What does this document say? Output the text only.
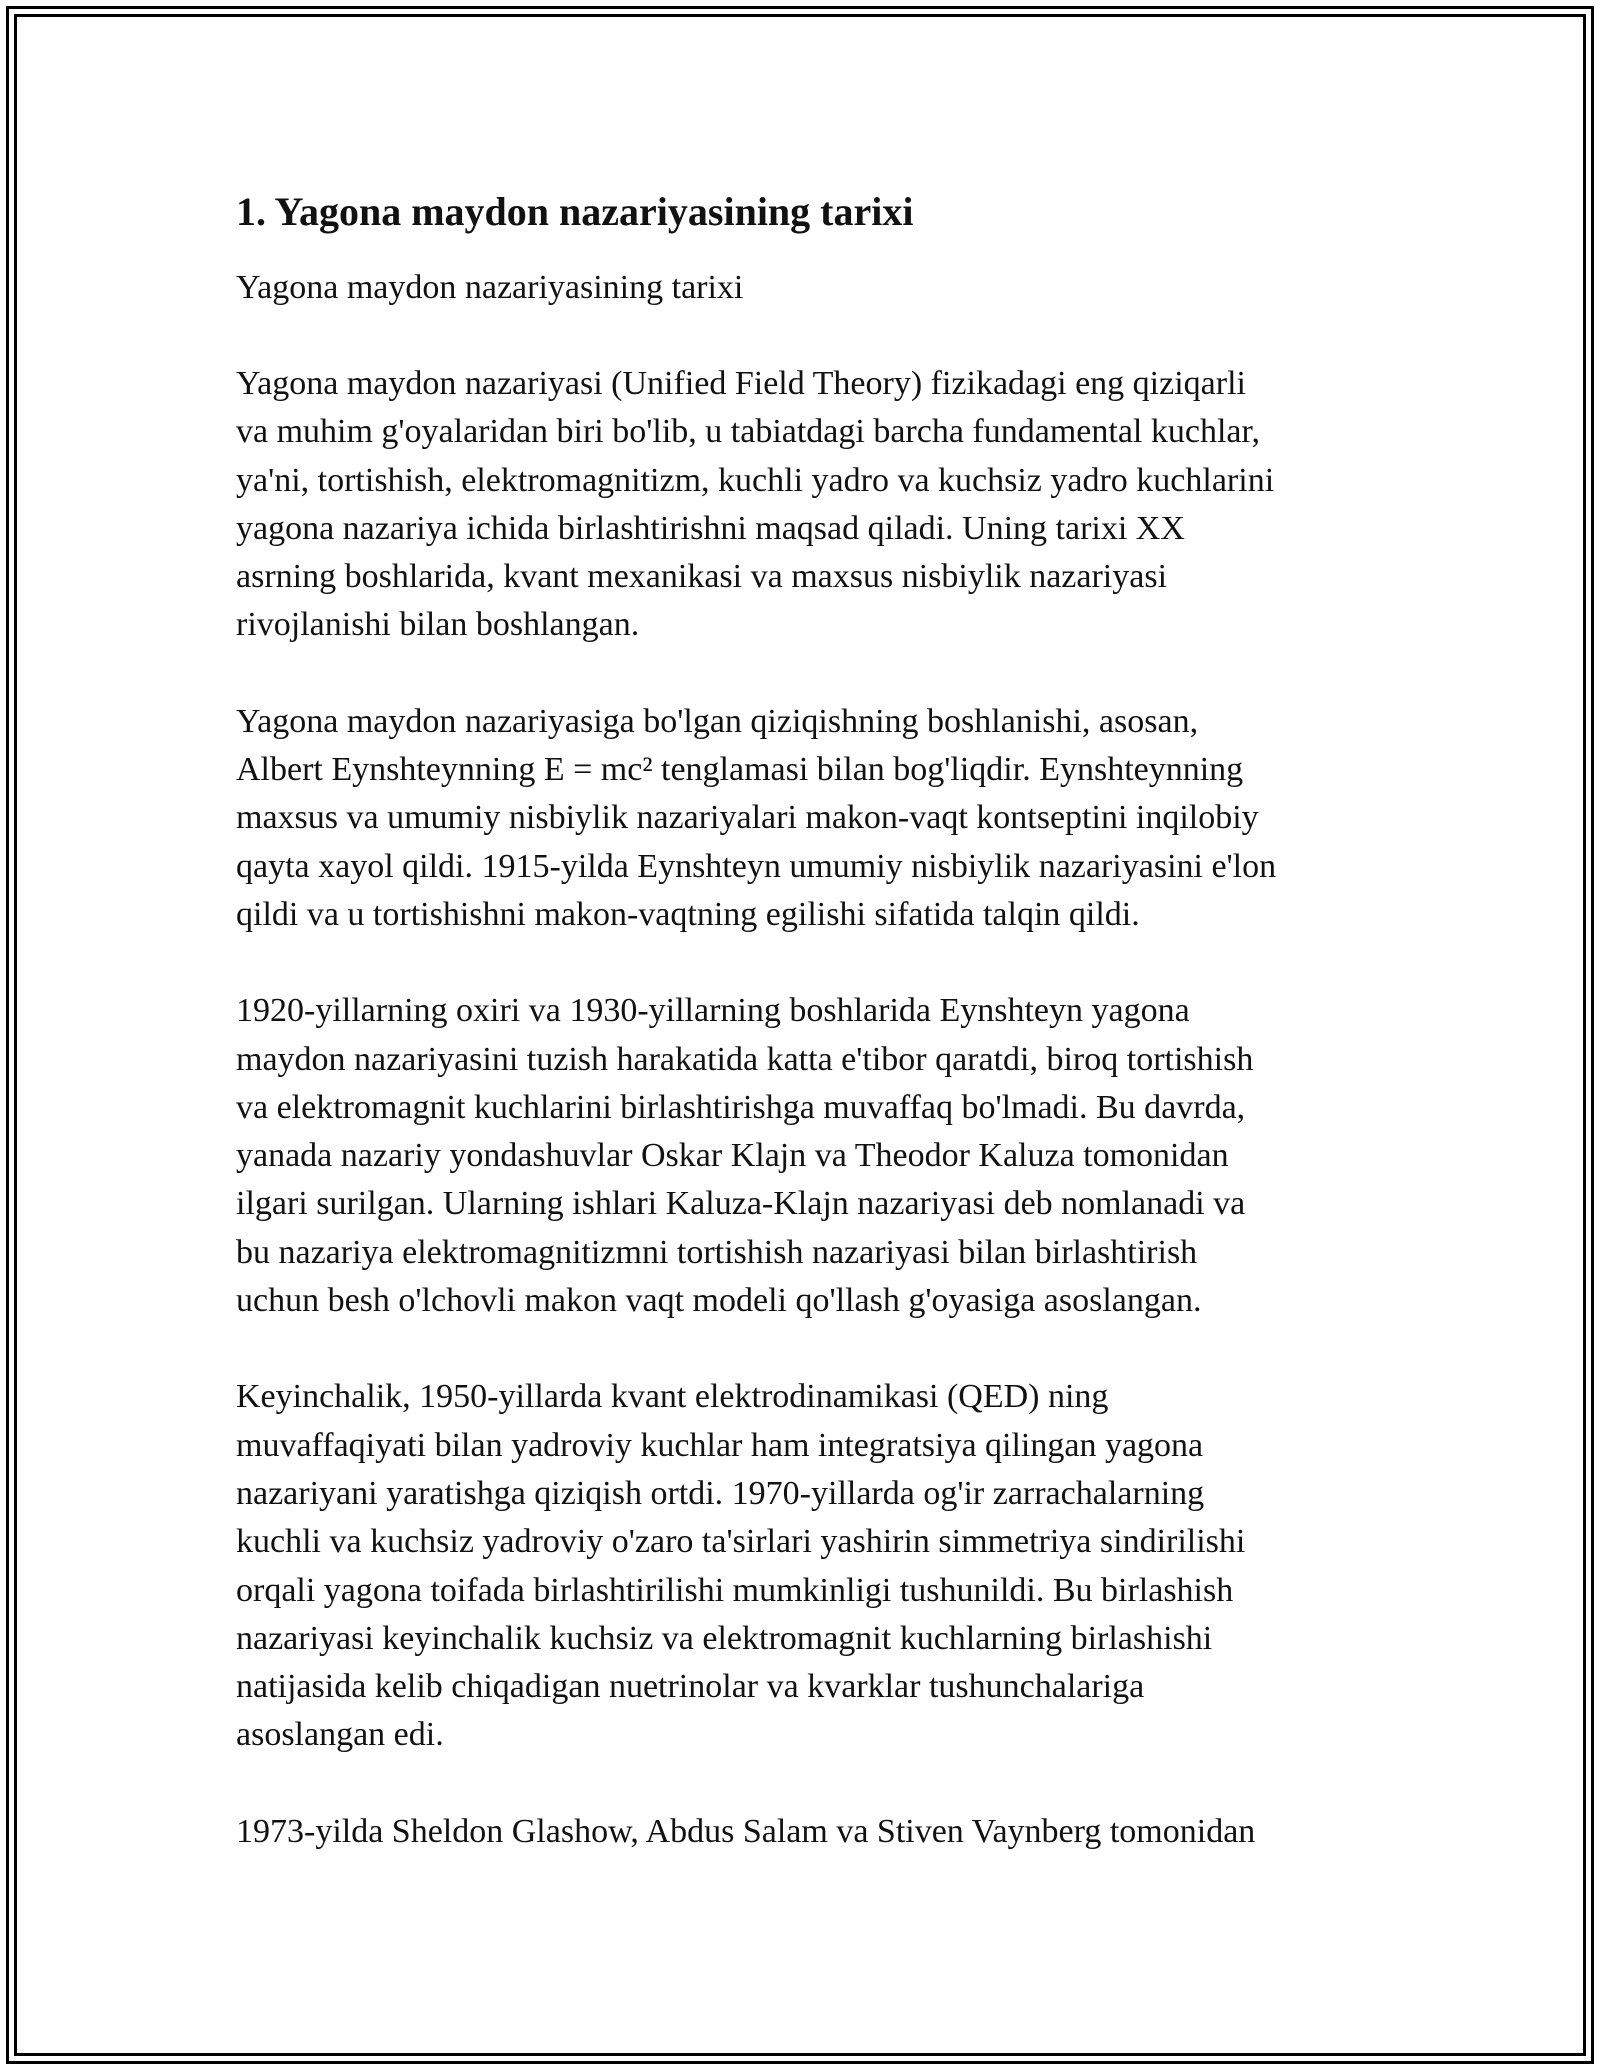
1. Yagona maydon nazariyasining tarixi

Yagona maydon nazariyasining tarixi

Yagona maydon nazariyasi (Unified Field Theory) fizikadagi eng qiziqarli
va muhim g'oyalaridan biri bo'lib, u tabiatdagi barcha fundamental kuchlar,
ya'ni, tortishish, elektromagnitizm, kuchli yadro va kuchsiz yadro kuchlarini
yagona nazariya ichida birlashtirishni maqsad qiladi. Uning tarixi XX
asrning boshlarida, kvant mexanikasi va maxsus nisbiylik nazariyasi
rivojlanishi bilan boshlangan.

Yagona maydon nazariyasiga bo'lgan qiziqishning boshlanishi, asosan,
Albert Eynshteynning E = mc² tenglamasi bilan bog'liqdir. Eynshteynning
maxsus va umumiy nisbiylik nazariyalari makon-vaqt kontseptini inqilobiy
qayta xayol qildi. 1915-yilda Eynshteyn umumiy nisbiylik nazariyasini e'lon
qildi va u tortishishni makon-vaqtning egilishi sifatida talqin qildi.

1920-yillarning oxiri va 1930-yillarning boshlarida Eynshteyn yagona
maydon nazariyasini tuzish harakatida katta e'tibor qaratdi, biroq tortishish
va elektromagnit kuchlarini birlashtirishga muvaffaq bo'lmadi. Bu davrda,
yanada nazariy yondashuvlar Oskar Klajn va Theodor Kaluza tomonidan
ilgari surilgan. Ularning ishlari Kaluza-Klajn nazariyasi deb nomlanadi va
bu nazariya elektromagnitizmni tortishish nazariyasi bilan birlashtirish
uchun besh o'lchovli makon vaqt modeli qo'llash g'oyasiga asoslangan.

Keyinchalik, 1950-yillarda kvant elektrodinamikasi (QED) ning
muvaffaqiyati bilan yadroviy kuchlar ham integratsiya qilingan yagona
nazariyani yaratishga qiziqish ortdi. 1970-yillarda og'ir zarrachalarning
kuchli va kuchsiz yadroviy o'zaro ta'sirlari yashirin simmetriya sindirilishi
orqali yagona toifada birlashtirilishi mumkinligi tushunildi. Bu birlashish
nazariyasi keyinchalik kuchsiz va elektromagnit kuchlarning birlashishi
natijasida kelib chiqadigan nuetrinolar va kvarklar tushunchalariga
asoslangan edi.

1973-yilda Sheldon Glashow, Abdus Salam va Stiven Vaynberg tomonidan
